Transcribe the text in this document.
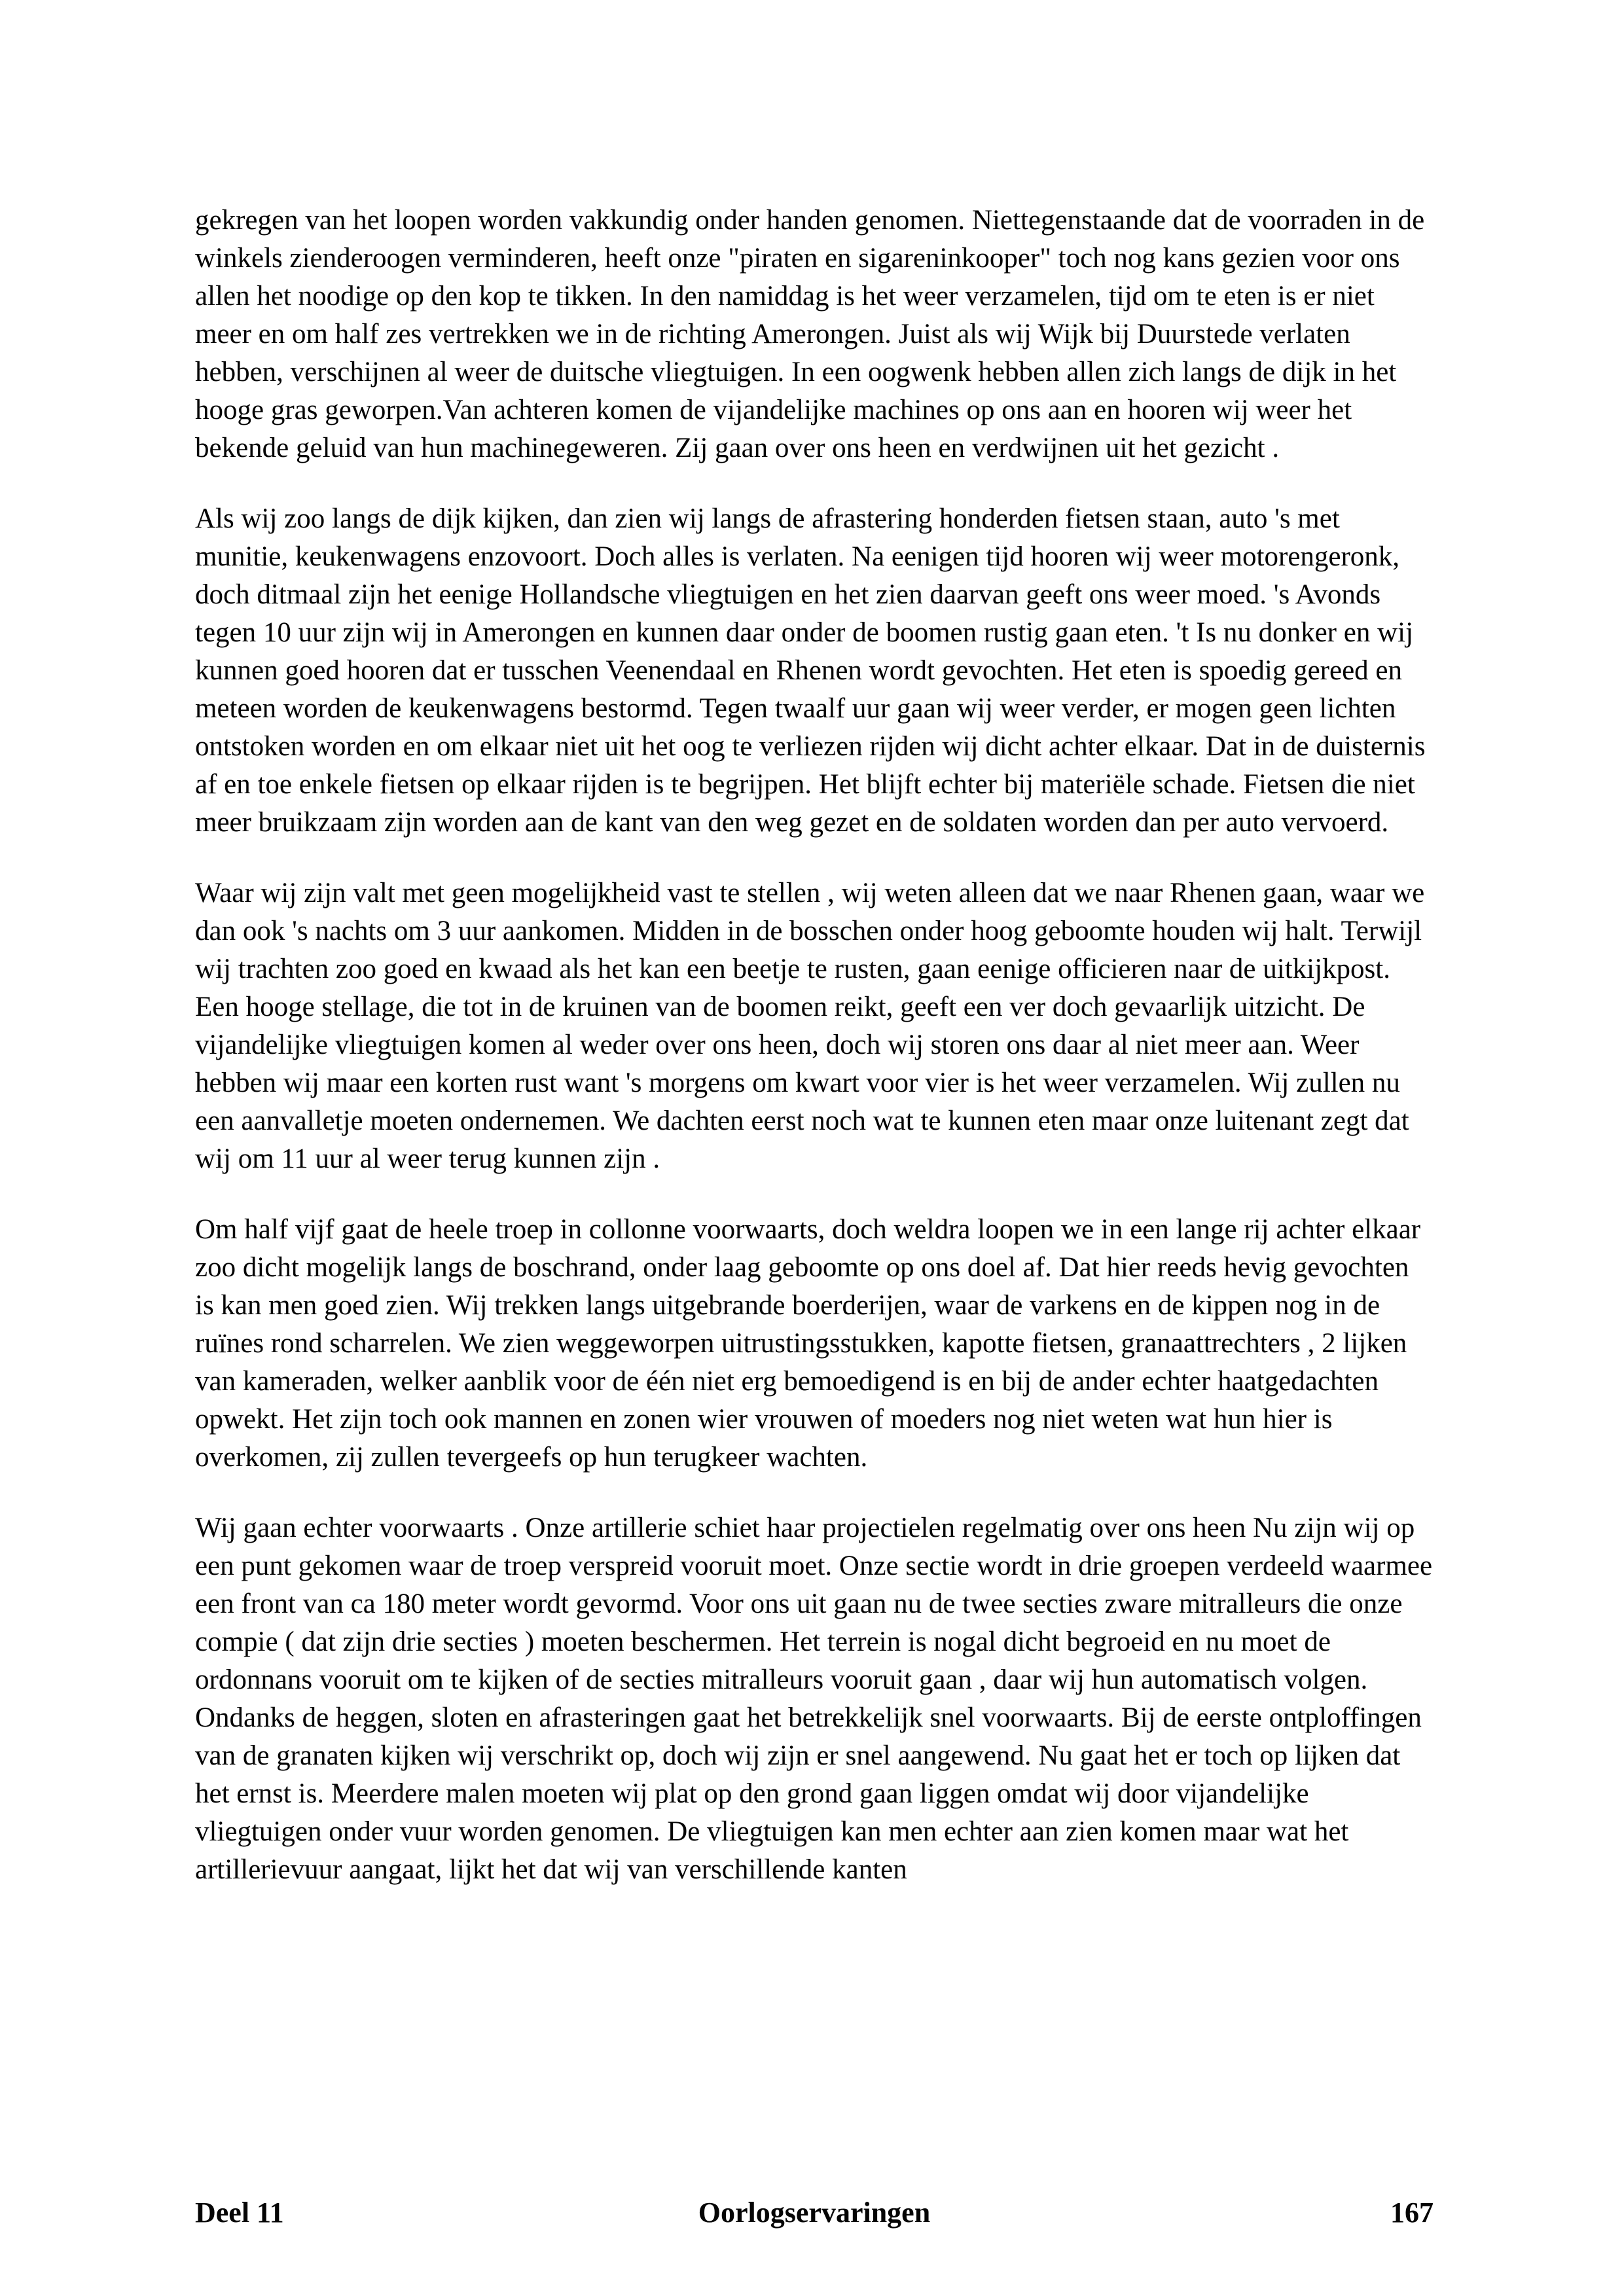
gekregen van het loopen worden vakkundig onder handen genomen. Niettegenstaande dat de voorraden in de winkels zienderoogen verminderen, heeft onze "piraten en sigareninkooper" toch nog kans gezien voor ons allen het noodige op den kop te tikken. In den namiddag is het weer verzamelen, tijd om te eten is er niet meer en om half zes vertrekken we in de richting Amerongen. Juist als wij Wijk bij Duurstede verlaten hebben, verschijnen al weer de duitsche vliegtuigen. In een oogwenk hebben allen zich langs de dijk in het hooge gras geworpen.Van achteren komen de vijandelijke machines op ons aan en hooren wij weer het bekende geluid van hun machinegeweren. Zij gaan over ons heen en verdwijnen uit het gezicht .

Als wij zoo langs de dijk kijken, dan zien wij langs de afrastering honderden fietsen staan, auto 's met munitie, keukenwagens enzovoort. Doch alles is verlaten. Na eenigen tijd hooren wij weer motorengeronk, doch ditmaal zijn het eenige Hollandsche vliegtuigen en het zien daarvan geeft ons weer moed. 's Avonds tegen 10 uur zijn wij in Amerongen en kunnen daar onder de boomen rustig gaan eten. 't Is nu donker en wij kunnen goed hooren dat er tusschen Veenendaal en Rhenen wordt gevochten. Het eten is spoedig gereed en meteen worden de keukenwagens bestormd. Tegen twaalf uur gaan wij weer verder, er mogen geen lichten ontstoken worden en om elkaar niet uit het oog te verliezen rijden wij dicht achter elkaar. Dat in de duisternis af en toe enkele fietsen op elkaar rijden is te begrijpen. Het blijft echter bij materiële schade. Fietsen die niet meer bruikzaam zijn worden aan de kant van den weg gezet en de soldaten worden dan per auto vervoerd.

Waar wij zijn valt met geen mogelijkheid vast te stellen , wij weten alleen dat we naar Rhenen gaan, waar we dan ook 's nachts om 3 uur aankomen. Midden in de bosschen onder hoog geboomte houden wij halt. Terwijl wij trachten zoo goed en kwaad als het kan een beetje te rusten, gaan eenige officieren naar de uitkijkpost. Een hooge stellage, die tot in de kruinen van de boomen reikt, geeft een ver doch gevaarlijk uitzicht. De vijandelijke vliegtuigen komen al weder over ons heen, doch wij storen ons daar al niet meer aan. Weer hebben wij maar een korten rust want 's morgens om kwart voor vier is het weer verzamelen. Wij zullen nu een aanvalletje moeten ondernemen. We dachten eerst noch wat te kunnen eten maar onze luitenant zegt dat wij om 11 uur al weer terug kunnen zijn .

Om half vijf gaat de heele troep in collonne voorwaarts, doch weldra loopen we in een lange rij achter elkaar zoo dicht mogelijk langs de boschrand, onder laag geboomte op ons doel af. Dat hier reeds hevig gevochten is kan men goed zien. Wij trekken langs uitgebrande boerderijen, waar de varkens en de kippen nog in de ruïnes rond scharrelen. We zien weggeworpen uitrustingsstukken, kapotte fietsen, granaattrechters , 2 lijken van kameraden, welker aanblik voor de één niet erg bemoedigend is en bij de ander echter haatgedachten opwekt. Het zijn toch ook mannen en zonen wier vrouwen of moeders nog niet weten wat hun hier is overkomen, zij zullen tevergeefs op hun terugkeer wachten.

Wij gaan echter voorwaarts . Onze artillerie schiet haar projectielen regelmatig over ons heen Nu zijn wij op een punt gekomen waar de troep verspreid vooruit moet. Onze sectie wordt in drie groepen verdeeld waarmee een front van ca 180 meter wordt gevormd. Voor ons uit gaan nu de twee secties zware mitralleurs die onze compie ( dat zijn drie secties ) moeten beschermen. Het terrein is nogal dicht begroeid en nu moet de ordonnans vooruit om te kijken of de secties mitralleurs vooruit gaan , daar wij hun automatisch volgen. Ondanks de heggen, sloten en afrasteringen gaat het betrekkelijk snel voorwaarts. Bij de eerste ontploffingen van de granaten kijken wij verschrikt op, doch wij zijn er snel aangewend. Nu gaat het er toch op lijken dat het ernst is. Meerdere malen moeten wij plat op den grond gaan liggen omdat wij door vijandelijke vliegtuigen onder vuur worden genomen. De vliegtuigen kan men echter aan zien komen maar wat het artillerievuur aangaat, lijkt het dat wij van verschillende kanten

Deel 11	Oorlogservaringen	167
